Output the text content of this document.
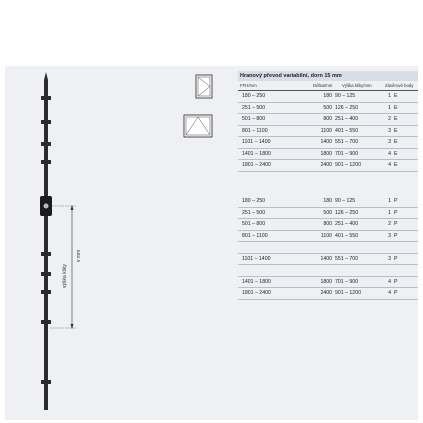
výška kliky
v mm
Hranový převod variabilní, dorn 15 mm
FFH/mm	Délka/mm Výška kliky/mm	Závěrové body
180 – 250	180 90 – 125	1 E
251 – 500	500 126 – 250	1 E
501 – 800	800 251 – 400	2 E
801 – 1100	1100 401 – 550	3 E
1101 – 1400	1400 551 – 700	3 E
1401 – 1800	1800 701 – 900	4 E
1801 – 2400	2400 901 – 1200	4 E
180 – 250	180 90 – 125	1 P
251 – 500	500 126 – 250	1 P
501 – 800	800 251 – 400	2 P
801 – 1100	1100 401 – 550	3 P
1101 – 1400	1400 551 – 700	3 P
1401 – 1800	1800 701 – 900	4 P
1801 – 2400	2400 901 – 1200	4 P
